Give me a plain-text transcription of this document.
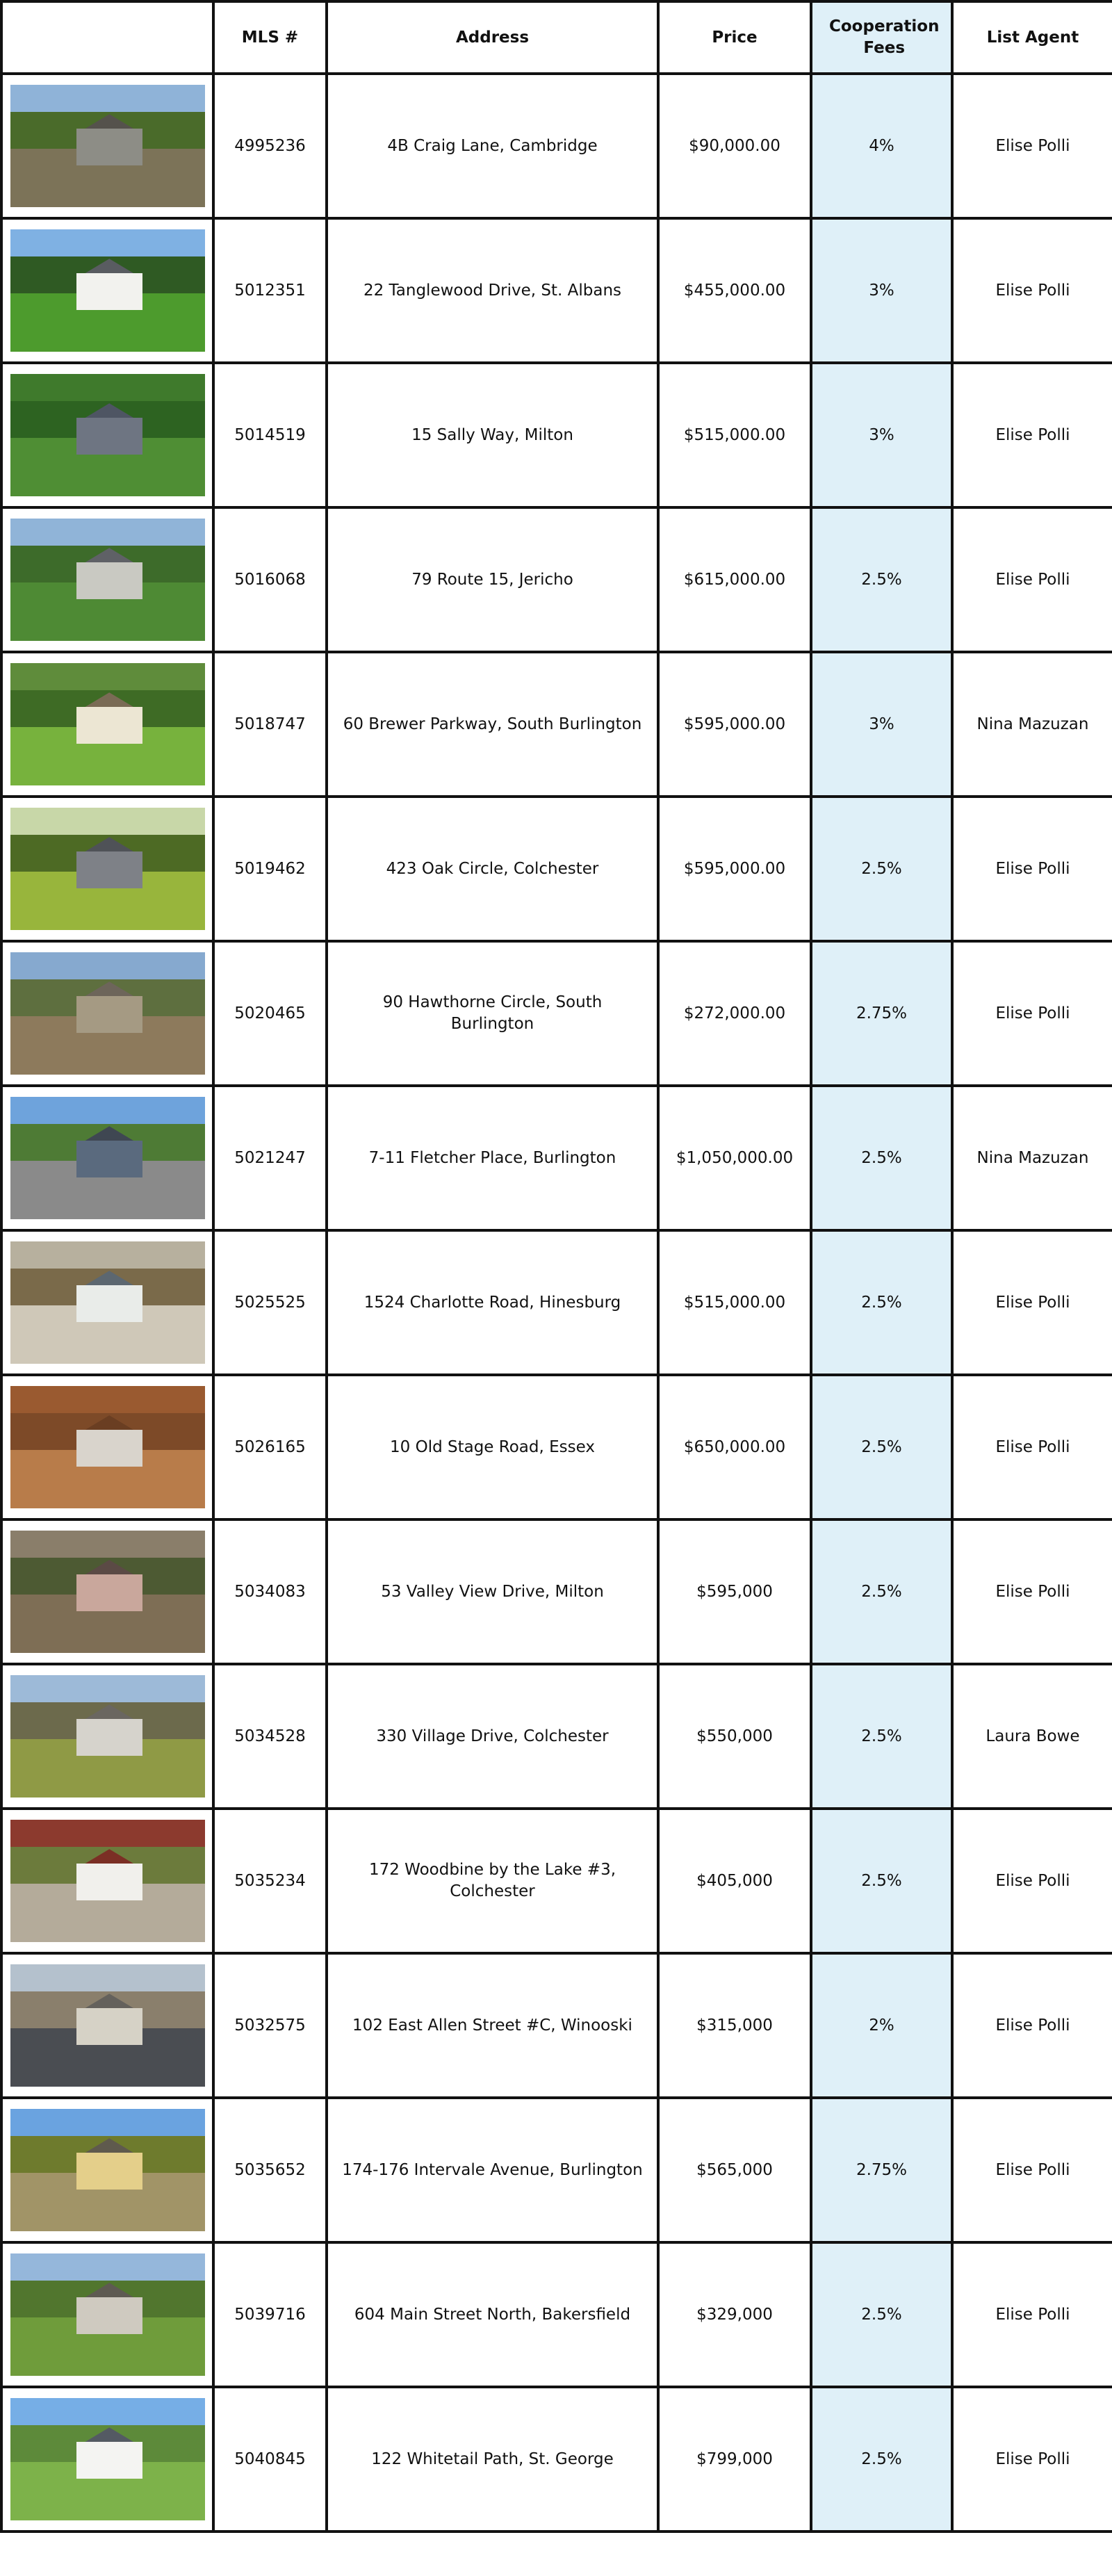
	MLS #	Address	Price	Cooperation Fees	List Agent

	4995236	4B Craig Lane, Cambridge	$90,000.00	4%	Elise Polli

	5012351	22 Tanglewood Drive, St. Albans	$455,000.00	3%	Elise Polli

	5014519	15 Sally Way, Milton	$515,000.00	3%	Elise Polli

	5016068	79 Route 15, Jericho	$615,000.00	2.5%	Elise Polli

	5018747	60 Brewer Parkway, South Burlington	$595,000.00	3%	Nina Mazuzan

	5019462	423 Oak Circle, Colchester	$595,000.00	2.5%	Elise Polli

	5020465	90 Hawthorne Circle, South Burlington	$272,000.00	2.75%	Elise Polli

	5021247	7-11 Fletcher Place, Burlington	$1,050,000.00	2.5%	Nina Mazuzan

	5025525	1524 Charlotte Road, Hinesburg	$515,000.00	2.5%	Elise Polli

	5026165	10 Old Stage Road, Essex	$650,000.00	2.5%	Elise Polli

	5034083	53 Valley View Drive, Milton	$595,000	2.5%	Elise Polli

	5034528	330 Village Drive, Colchester	$550,000	2.5%	Laura Bowe

	5035234	172 Woodbine by the Lake #3, Colchester	$405,000	2.5%	Elise Polli

	5032575	102 East Allen Street #C, Winooski	$315,000	2%	Elise Polli

	5035652	174-176 Intervale Avenue, Burlington	$565,000	2.75%	Elise Polli

	5039716	604 Main Street North, Bakersfield	$329,000	2.5%	Elise Polli

	5040845	122 Whitetail Path, St. George	$799,000	2.5%	Elise Polli
